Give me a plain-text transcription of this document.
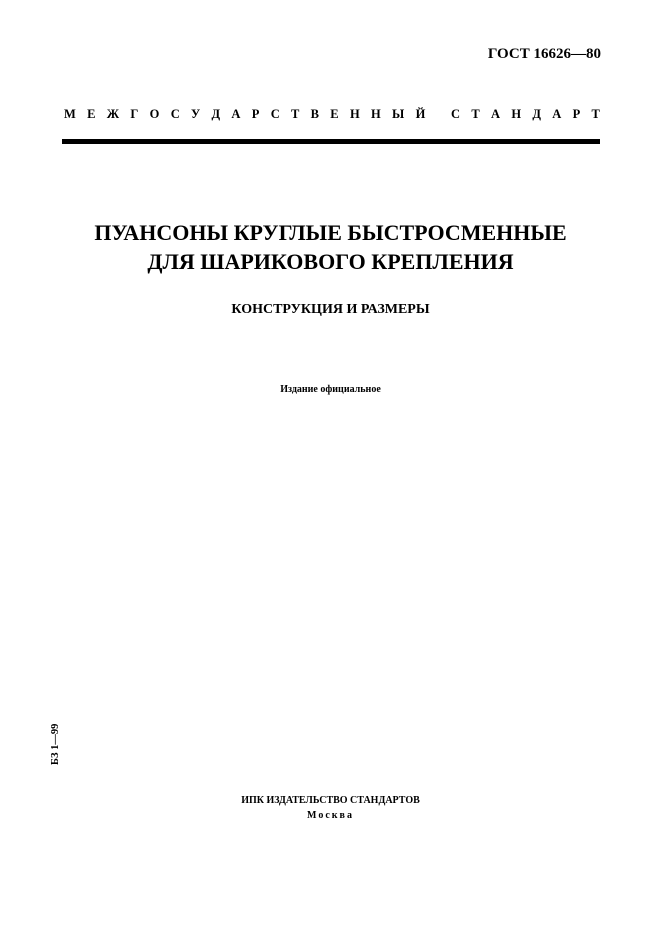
ГОСТ 16626—80
М Е Ж Г О С У Д А Р С Т В Е Н Н Ы Й
С Т А Н Д А Р Т
ПУАНСОНЫ КРУГЛЫЕ БЫСТРОСМЕННЫЕ
ДЛЯ ШАРИКОВОГО КРЕПЛЕНИЯ
КОНСТРУКЦИЯ И РАЗМЕРЫ
Издание официальное
БЗ 1—99
ИПК ИЗДАТЕЛЬСТВО СТАНДАРТОВ
Москва
